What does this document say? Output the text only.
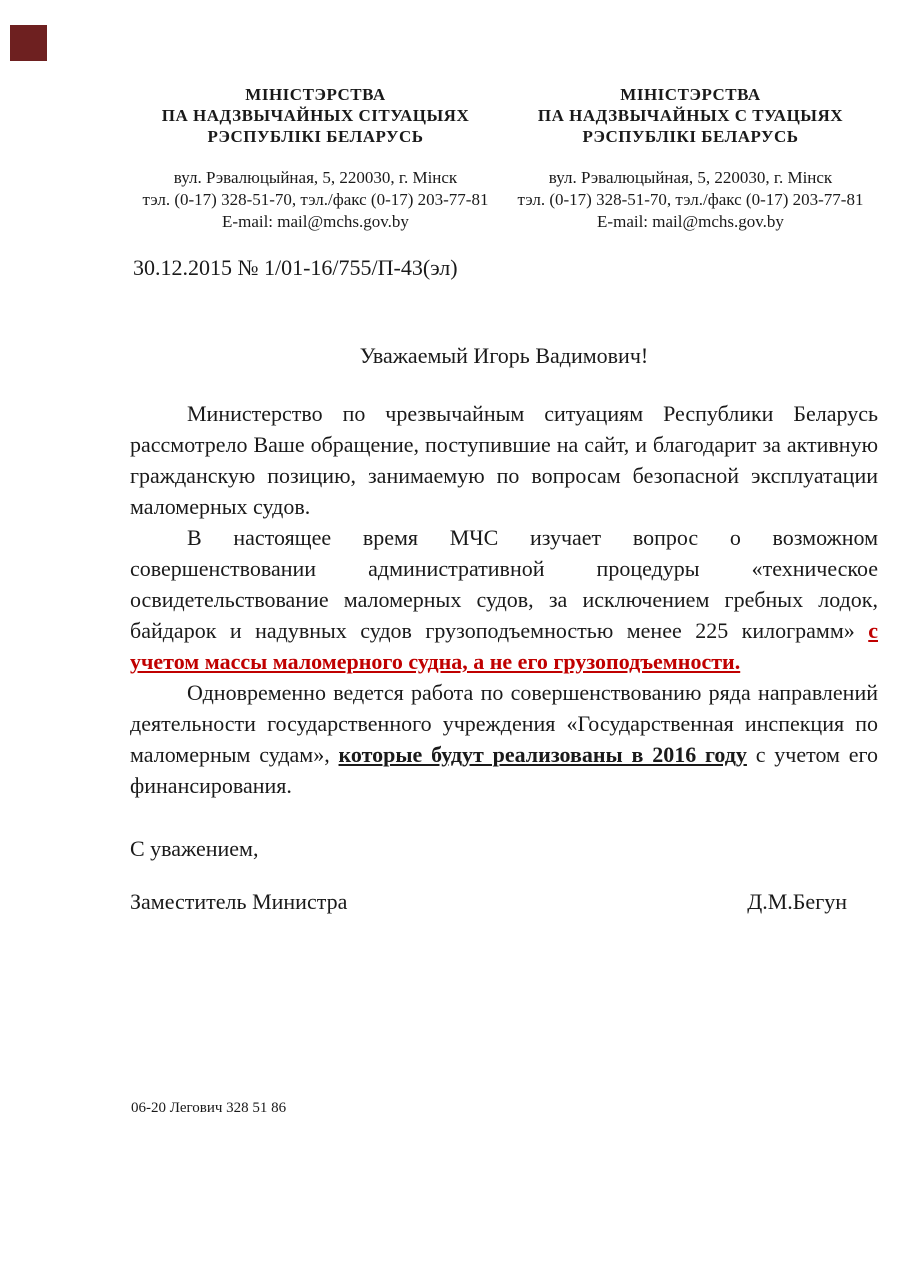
МІНІСТЭРСТВА
ПА НАДЗВЫЧАЙНЫХ СІТУАЦЫЯХ
РЭСПУБЛІКІ БЕЛАРУСЬ
вул. Рэвалюцыйная, 5, 220030, г. Мінск
тэл. (0-17) 328-51-70, тэл./факс (0-17) 203-77-81
E-mail: mail@mchs.gov.by
МІНІСТЭРСТВА
ПА НАДЗВЫЧАЙНЫХ С ТУАЦЫЯХ
РЭСПУБЛІКІ БЕЛАРУСЬ
вул. Рэвалюцыйная, 5, 220030, г. Мінск
тэл. (0-17) 328-51-70, тэл./факс (0-17) 203-77-81
E-mail: mail@mchs.gov.by
30.12.2015 № 1/01-16/755/П-43(эл)
Уважаемый Игорь Вадимович!

Министерство по чрезвычайным ситуациям Республики Беларусь рассмотрело Ваше обращение, поступившие на сайт, и благодарит за активную гражданскую позицию, занимаемую по вопросам безопасной эксплуатации маломерных судов.

В настоящее время МЧС изучает вопрос о возможном совершенствовании административной процедуры «техническое освидетельствование маломерных судов, за исключением гребных лодок, байдарок и надувных судов грузоподъемностью менее 225 килограмм» с учетом массы маломерного судна, а не его грузоподъемности.

Одновременно ведется работа по совершенствованию ряда направлений деятельности государственного учреждения «Государственная инспекция по маломерным судам», которые будут реализованы в 2016 году с учетом его финансирования.

С уважением,
Заместитель Министра	Д.М.Бегун
06-20 Легович 328 51 86
